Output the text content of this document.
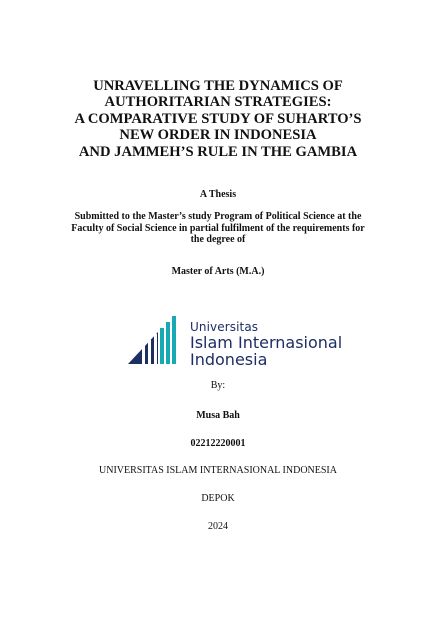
UNRAVELLING THE DYNAMICS OF
AUTHORITARIAN STRATEGIES:
A COMPARATIVE STUDY OF SUHARTO’S
NEW ORDER IN INDONESIA
AND JAMMEH’S RULE IN THE GAMBIA
A Thesis
Submitted to the Master’s study Program of Political Science at the
Faculty of Social Science in partial fulfilment of the requirements for
the degree of
Master of Arts (M.A.)
Universitas
Islam Internasional
Indonesia
By:
Musa Bah
02212220001
UNIVERSITAS ISLAM INTERNASIONAL INDONESIA
DEPOK
2024
